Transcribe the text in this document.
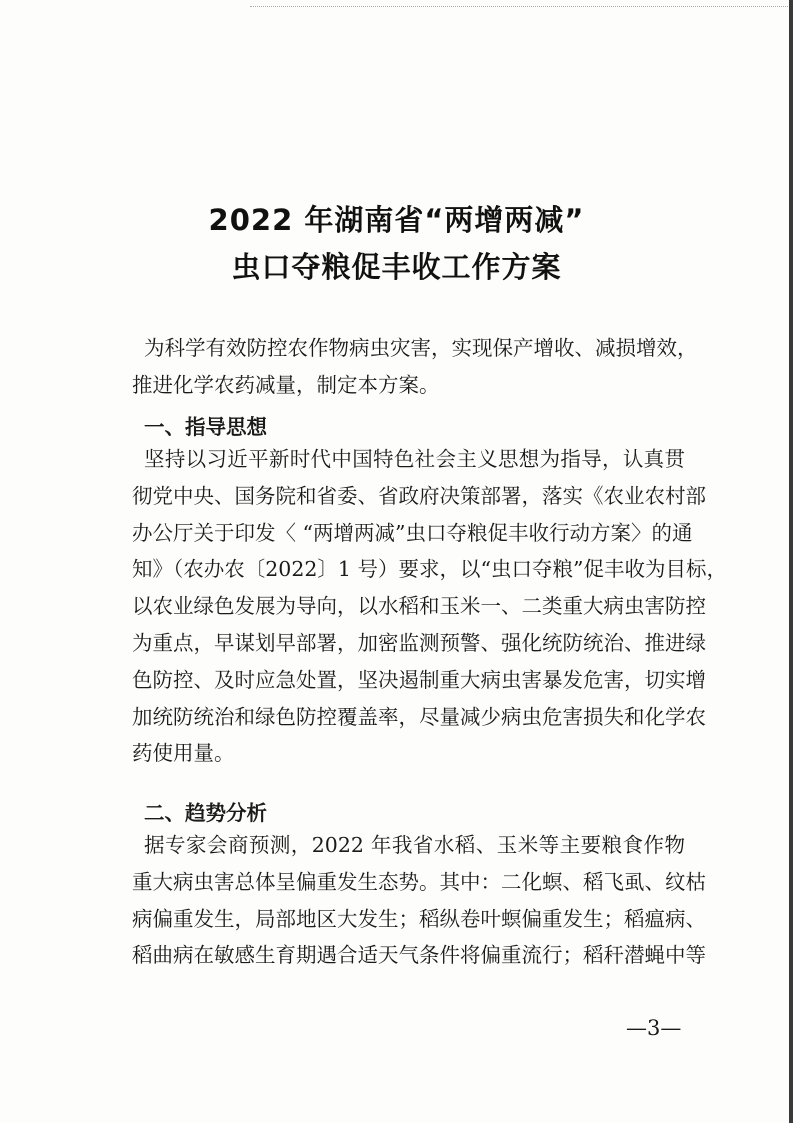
2022 年湖南省“两增两减”
虫口夺粮促丰收工作方案
为科学有效防控农作物病虫灾害，实现保产增收、减损增效，
推进化学农药减量，制定本方案。
一、指导思想
坚持以习近平新时代中国特色社会主义思想为指导，认真贯
彻党中央、国务院和省委、省政府决策部署，落实《农业农村部
办公厅关于印发〈 “两增两减”虫口夺粮促丰收行动方案〉的通
知》（农办农〔2022〕1 号）要求，以“虫口夺粮”促丰收为目标，
以农业绿色发展为导向，以水稻和玉米一、二类重大病虫害防控
为重点，早谋划早部署，加密监测预警、强化统防统治、推进绿
色防控、及时应急处置，坚决遏制重大病虫害暴发危害，切实增
加统防统治和绿色防控覆盖率，尽量减少病虫危害损失和化学农
药使用量。
二、趋势分析
据专家会商预测，2022 年我省水稻、玉米等主要粮食作物
重大病虫害总体呈偏重发生态势。其中：二化螟、稻飞虱、纹枯
病偏重发生，局部地区大发生；稻纵卷叶螟偏重发生；稻瘟病、
稻曲病在敏感生育期遇合适天气条件将偏重流行；稻秆潜蝇中等
—3—
